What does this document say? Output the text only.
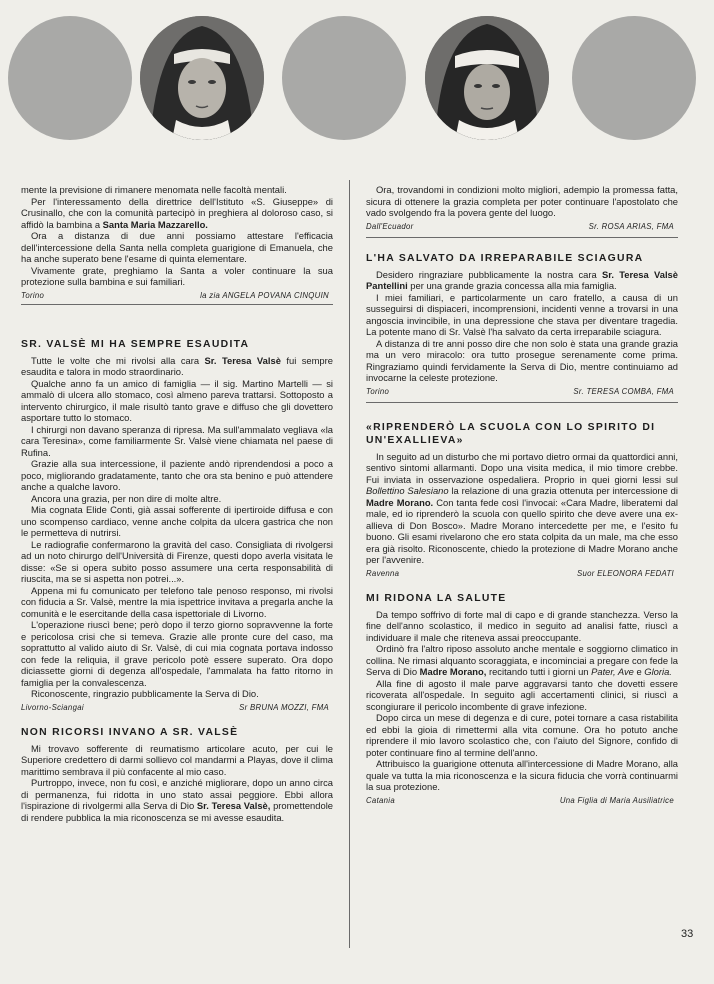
mente la previsione di rimanere menomata nelle facoltà mentali.

Per l'interessamento della direttrice dell'Istituto «S. Giuseppe» di Crusinallo, che con la comunità partecipò in preghiera al doloroso caso, si affidò la bambina a Santa Maria Mazzarello.

Ora a distanza di due anni possiamo attestare l'efficacia dell'intercessione della Santa nella completa guarigione di Emanuela, che ha anche superato bene l'esame di quinta elementare.

Vivamente grate, preghiamo la Santa a voler continuare la sua protezione sulla bambina e sui familiari.

Torino	la zia ANGELA POVANA CINQUIN
SR. VALSÈ MI HA SEMPRE ESAUDITA

Tutte le volte che mi rivolsi alla cara Sr. Teresa Valsè fui sempre esaudita e talora in modo straordinario.

Qualche anno fa un amico di famiglia — il sig. Martino Martelli — si ammalò di ulcera allo stomaco, così almeno pareva trattarsi. Sottoposto a intervento chirurgico, il male risultò tanto grave e diffuso che gli dovettero asportare tutto lo stomaco.

I chirurgi non davano speranza di ripresa. Ma sull'ammalato vegliava «la cara Teresina», come familiarmente Sr. Valsè viene chiamata nel paese di Rufina.

Grazie alla sua intercessione, il paziente andò riprendendosi a poco a poco, migliorando gradatamente, tanto che ora sta benino e può attendere anche a qualche lavoro.

Ancora una grazia, per non dire di molte altre.

Mia cognata Elide Conti, già assai sofferente di ipertiroide diffusa e con uno scompenso cardiaco, venne anche colpita da ulcera gastrica che non le permetteva di nutrirsi.

Le radiografie confermarono la gravità del caso. Consigliata di rivolgersi ad un noto chirurgo dell'Università di Firenze, questi dopo averla visitata le disse: «Se si opera subito posso assumere una certa responsabilità di riuscita, ma se si aspetta non potrei...».

Appena mi fu comunicato per telefono tale penoso responso, mi rivolsi con fiducia a Sr. Valsè, mentre la mia ispettrice invitava a pregarla anche la comunità e le esercitande della casa ispettoriale di Livorno.

L'operazione riuscì bene; però dopo il terzo giorno sopravvenne la forte e pericolosa crisi che si temeva. Grazie alle pronte cure del caso, ma soprattutto al valido aiuto di Sr. Valsè, di cui mia cognata portava indosso con fede la reliquia, il grave pericolo potè essere superato. Ora dopo diciassette giorni di degenza all'ospedale, l'ammalata ha fatto ritorno in famiglia per la convalescenza.

Riconoscente, ringrazio pubblicamente la Serva di Dio.

Livorno-Sciangai	Sr BRUNA MOZZI, FMA
NON RICORSI INVANO A SR. VALSÈ

Mi trovavo sofferente di reumatismo articolare acuto, per cui le Superiore credettero di darmi sollievo col mandarmi a Playas, dove il clima marittimo sembrava il più confacente al mio caso.

Purtroppo, invece, non fu così, e anziché migliorare, dopo un anno circa di permanenza, fui ridotta in uno stato assai peggiore. Ebbi allora l'ispirazione di rivolgermi alla Serva di Dio Sr. Teresa Valsè, promettendole di rendere pubblica la mia riconoscenza se mi avesse esaudita.

Ora, trovandomi in condizioni molto migliori, adempio la promessa fatta, sicura di ottenere la grazia completa per poter continuare l'apostolato che vado svolgendo fra la povera gente del luogo.

Dall'Ecuador	Sr. ROSA ARIAS, FMA
L'HA SALVATO DA IRREPARABILE SCIAGURA

Desidero ringraziare pubblicamente la nostra cara Sr. Teresa Valsè Pantellini per una grande grazia concessa alla mia famiglia.

I miei familiari, e particolarmente un caro fratello, a causa di un susseguirsi di dispiaceri, incomprensioni, incidenti venne a trovarsi in una angoscia invincibile, in una depressione che stava per diventare tragedia. La potente mano di Sr. Valsè l'ha salvato da certa irreparabile sciagura.

A distanza di tre anni posso dire che non solo è stata una grande grazia ma un vero miracolo: ora tutto prosegue serenamente come prima. Ringraziamo quindi fervidamente la Serva di Dio, mentre continuiamo ad invocarne la celeste protezione.

Torino	Sr. TERESA COMBA, FMA
«RIPRENDERÒ LA SCUOLA CON LO SPIRITO DI UN'EXALLIEVA»

In seguito ad un disturbo che mi portavo dietro ormai da quattordici anni, sentivo sintomi allarmanti. Dopo una visita medica, il mio timore crebbe. Fui inviata in osservazione ospedaliera. Proprio in quei giorni lessi sul Bollettino Salesiano la relazione di una grazia ottenuta per intercessione di Madre Morano. Con tanta fede così l'invocai: «Cara Madre, liberatemi dal male, ed io riprenderò la scuola con quello spirito che deve avere una ex-allieva di Don Bosco». Madre Morano intercedette per me, e l'esito fu buono. Gli esami rivelarono che ero stata colpita da un male, ma che esso era già risolto. Riconoscente, chiedo la protezione di Madre Morano anche per l'avvenire.

Ravenna	Suor ELEONORA FEDATI
MI RIDONA LA SALUTE

Da tempo soffrivo di forte mal di capo e di grande stanchezza. Verso la fine dell'anno scolastico, il medico in seguito ad analisi fatte, riuscì a individuare il male che riteneva assai preoccupante.

Ordinò fra l'altro riposo assoluto anche mentale e soggiorno climatico in collina. Ne rimasi alquanto scoraggiata, e incominciai a pregare con fede la Serva di Dio Madre Morano, recitando tutti i giorni un Pater, Ave e Gloria.

Alla fine di agosto il male parve aggravarsi tanto che dovetti essere ricoverata all'ospedale. In seguito agli accertamenti clinici, si riuscì a scongiurare il pericolo incombente di grave infezione.

Dopo circa un mese di degenza e di cure, potei tornare a casa ristabilita ed ebbi la gioia di rimettermi alla vita comune. Ora ho potuto anche riprendere il mio lavoro scolastico che, con l'aiuto del Signore, confido di poter continuare fino al termine dell'anno.

Attribuisco la guarigione ottenuta all'intercessione di Madre Morano, alla quale va tutta la mia riconoscenza e la sicura fiducia che vorrà continuarmi la sua protezione.

Catania	Una Figlia di Maria Ausiliatrice
33
